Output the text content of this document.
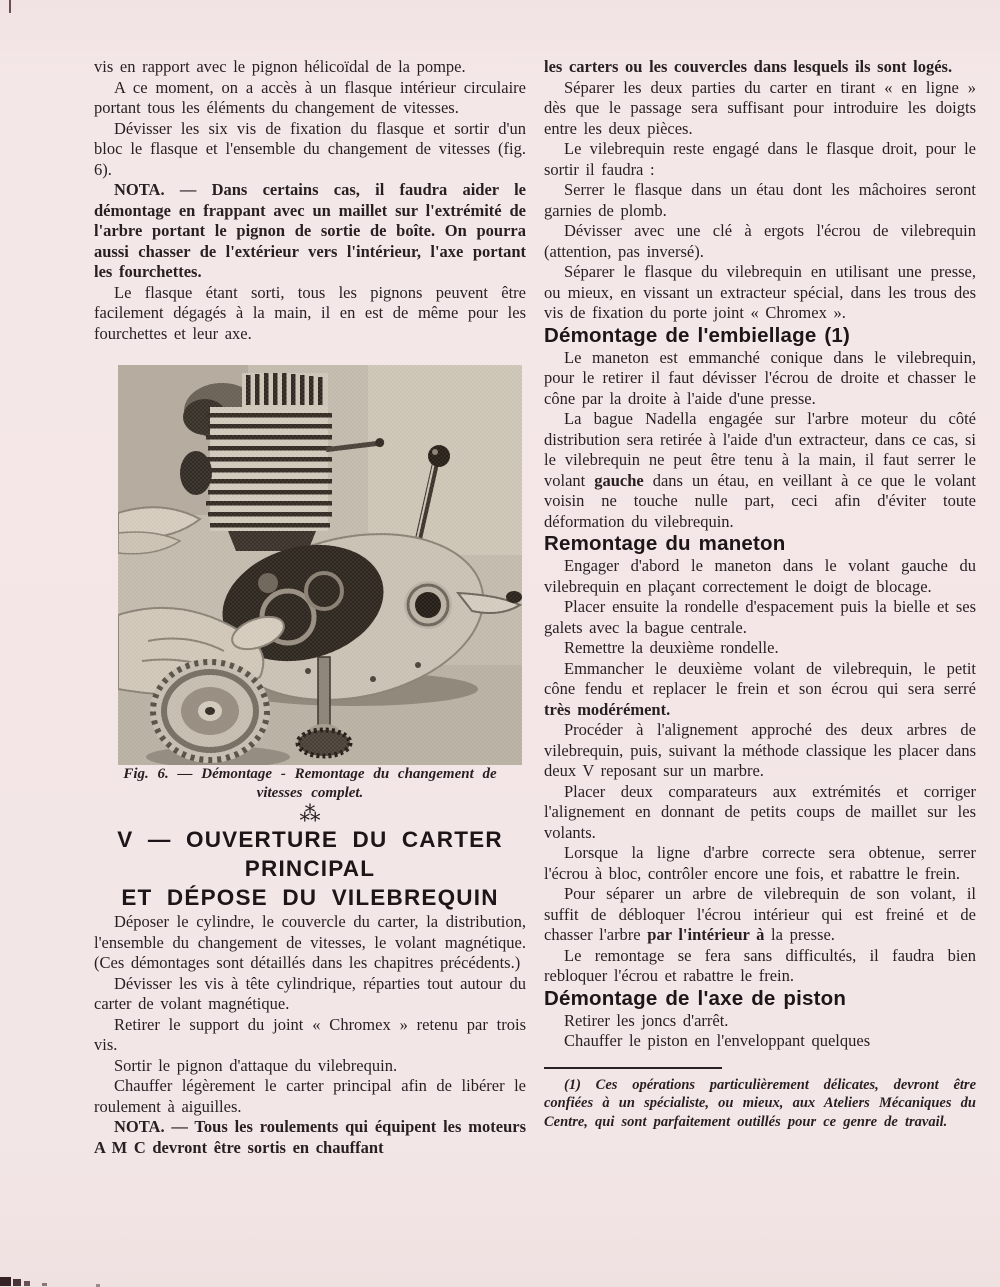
vis en rapport avec le pignon hélicoïdal de la pompe.

A ce moment, on a accès à un flasque intérieur circulaire portant tous les éléments du changement de vitesses.

Dévisser les six vis de fixation du flasque et sortir d'un bloc le flasque et l'ensemble du changement de vitesses (fig. 6).

NOTA. — Dans certains cas, il faudra aider le démontage en frappant avec un maillet sur l'extrémité de l'arbre portant le pignon de sortie de boîte. On pourra aussi chasser de l'extérieur vers l'intérieur, l'axe portant les fourchettes.

Le flasque étant sorti, tous les pignons peuvent être facilement dégagés à la main, il en est de même pour les fourchettes et leur axe.

Fig. 6. — Démontage - Remontage du changement de

vitesses complet.

⁂

V — OUVERTURE DU CARTER

PRINCIPAL

ET DÉPOSE DU VILEBREQUIN

Déposer le cylindre, le couvercle du carter, la distribution, l'ensemble du changement de vitesses, le volant magnétique. (Ces démontages sont détaillés dans les chapitres précédents.)

Dévisser les vis à tête cylindrique, réparties tout autour du carter de volant magnétique.

Retirer le support du joint « Chromex » retenu par trois vis.

Sortir le pignon d'attaque du vilebrequin.

Chauffer légèrement le carter principal afin de libérer le roulement à aiguilles.

NOTA. — Tous les roulements qui équipent les moteurs A M C devront être sortis en chauffant

les carters ou les couvercles dans lesquels ils sont logés.

Séparer les deux parties du carter en tirant « en ligne » dès que le passage sera suffisant pour introduire les doigts entre les deux pièces.

Le vilebrequin reste engagé dans le flasque droit, pour le sortir il faudra :

Serrer le flasque dans un étau dont les mâchoires seront garnies de plomb.

Dévisser avec une clé à ergots l'écrou de vilebrequin (attention, pas inversé).

Séparer le flasque du vilebrequin en utilisant une presse, ou mieux, en vissant un extracteur spécial, dans les trous des vis de fixation du porte joint « Chromex ».

Démontage de l'embiellage (1)

Le maneton est emmanché conique dans le vilebrequin, pour le retirer il faut dévisser l'écrou de droite et chasser le cône par la droite à l'aide d'une presse.

La bague Nadella engagée sur l'arbre moteur du côté distribution sera retirée à l'aide d'un extracteur, dans ce cas, si le vilebrequin ne peut être tenu à la main, il faut serrer le volant gauche dans un étau, en veillant à ce que le volant voisin ne touche nulle part, ceci afin d'éviter toute déformation du vilebrequin.

Remontage du maneton

Engager d'abord le maneton dans le volant gauche du vilebrequin en plaçant correctement le doigt de blocage.

Placer ensuite la rondelle d'espacement puis la bielle et ses galets avec la bague centrale.

Remettre la deuxième rondelle.

Emmancher le deuxième volant de vilebrequin, le petit cône fendu et replacer le frein et son écrou qui sera serré très modérément.

Procéder à l'alignement approché des deux arbres de vilebrequin, puis, suivant la méthode classique les placer dans deux V reposant sur un marbre.

Placer deux comparateurs aux extrémités et corriger l'alignement en donnant de petits coups de maillet sur les volants.

Lorsque la ligne d'arbre correcte sera obtenue, serrer l'écrou à bloc, contrôler encore une fois, et rabattre le frein.

Pour séparer un arbre de vilebrequin de son volant, il suffit de débloquer l'écrou intérieur qui est freiné et de chasser l'arbre par l'intérieur à la presse.

Le remontage se fera sans difficultés, il faudra bien rebloquer l'écrou et rabattre le frein.

Démontage de l'axe de piston

Retirer les joncs d'arrêt.

Chauffer le piston en l'enveloppant quelques

(1) Ces opérations particulièrement délicates, devront être confiées à un spécialiste, ou mieux, aux Ateliers Mécaniques du Centre, qui sont parfaitement outillés pour ce genre de travail.
